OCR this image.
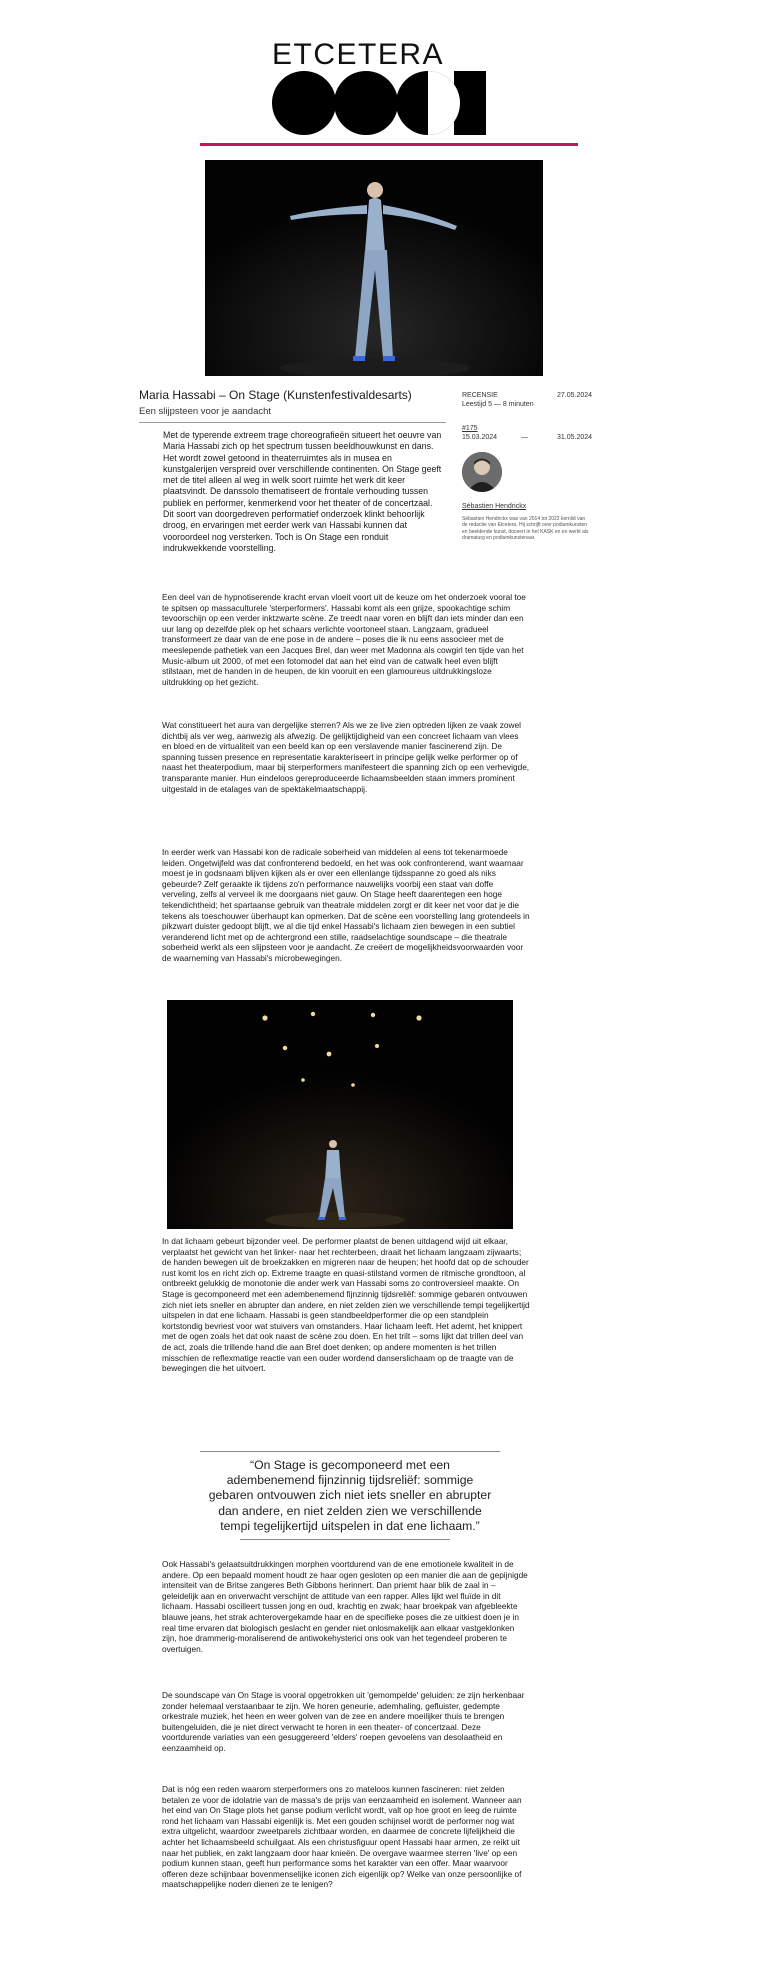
ETCETERA
Maria Hassabi – On Stage (Kunstenfestivaldesarts)
Een slijpsteen voor je aandacht
RECENSIE	27.05.2024
Leestijd 5 — 8 minuten
#175
15.03.2024	—	31.05.2024
Sébastien Hendrickx
Sébastien Hendrickx was van 2014 tot 2022 kernlid van de redactie van Etcetera. Hij schrijft over podiumkunsten en beeldende kunst, doceert in het KASK en en werkt als dramaturg en podiumkunstenaar.
Met de typerende extreem trage choreografieën situeert het oeuvre van Maria Hassabi zich op het spectrum tussen beeldhouwkunst en dans. Het wordt zowel getoond in theaterruimtes als in musea en kunstgalerijen verspreid over verschillende continenten. On Stage geeft met de titel alleen al weg in welk soort ruimte het werk dit keer plaatsvindt. De danssolo thematiseert de frontale verhouding tussen publiek en performer, kenmerkend voor het theater of de concertzaal. Dit soort van doorgedreven performatief onderzoek klinkt behoorlijk droog, en ervaringen met eerder werk van Hassabi kunnen dat vooroordeel nog versterken. Toch is On Stage een ronduit indrukwekkende voorstelling.
Een deel van de hypnotiserende kracht ervan vloeit voort uit de keuze om het onderzoek vooral toe te spitsen op massaculturele 'sterperformers'. Hassabi komt als een grijze, spookachtige schim tevoorschijn op een verder inktzwarte scène. Ze treedt naar voren en blijft dan iets minder dan een uur lang op dezelfde plek op het schaars verlichte voortoneel staan. Langzaam, gradueel transformeert ze daar van de ene pose in de andere – poses die ik nu eens associeer met de meeslepende pathetiek van een Jacques Brel, dan weer met Madonna als cowgirl ten tijde van het Music-album uit 2000, of met een fotomodel dat aan het eind van de catwalk heel even blijft stilstaan, met de handen in de heupen, de kin vooruit en een glamoureus uitdrukkingsloze uitdrukking op het gezicht.
Wat constitueert het aura van dergelijke sterren? Als we ze live zien optreden lijken ze vaak zowel dichtbij als ver weg, aanwezig als afwezig. De gelijktijdigheid van een concreet lichaam van vlees en bloed en de virtualiteit van een beeld kan op een verslavende manier fascinerend zijn. De spanning tussen presence en representatie karakteriseert in principe gelijk welke performer op of naast het theaterpodium, maar bij sterperformers manifesteert die spanning zich op een verhevigde, transparante manier. Hun eindeloos gereproduceerde lichaamsbeelden staan immers prominent uitgestald in de etalages van de spektakelmaatschappij.
In eerder werk van Hassabi kon de radicale soberheid van middelen al eens tot tekenarmoede leiden. Ongetwijfeld was dat confronterend bedoeld, en het was ook confronterend, want waarnaar moest je in godsnaam blijven kijken als er over een ellenlange tijdsspanne zo goed als niks gebeurde? Zelf geraakte ik tijdens zo'n performance nauwelijks voorbij een staat van doffe verveling, zelfs al verveel ik me doorgaans niet gauw. On Stage heeft daarentegen een hoge tekendichtheid; het spartaanse gebruik van theatrale middelen zorgt er dit keer net voor dat je die tekens als toeschouwer überhaupt kan opmerken. Dat de scène een voorstelling lang grotendeels in pikzwart duister gedoopt blijft, we al die tijd enkel Hassabi's lichaam zien bewegen in een subtiel veranderend licht met op de achtergrond een stille, raadselachtige soundscape – die theatrale soberheid werkt als een slijpsteen voor je aandacht. Ze creëert de mogelijkheidsvoorwaarden voor de waarneming van Hassabi's microbewegingen.
In dat lichaam gebeurt bijzonder veel. De performer plaatst de benen uitdagend wijd uit elkaar, verplaatst het gewicht van het linker- naar het rechterbeen, draait het lichaam langzaam zijwaarts; de handen bewegen uit de broekzakken en migreren naar de heupen; het hoofd dat op de schouder rust komt los en richt zich op. Extreme traagte en quasi-stilstand vormen de ritmische grondtoon, al ontbreekt gelukkig de monotonie die ander werk van Hassabi soms zo controversieel maakte. On Stage is gecomponeerd met een adembenemend fijnzinnig tijdsreliëf: sommige gebaren ontvouwen zich niet iets sneller en abrupter dan andere, en niet zelden zien we verschillende tempi tegelijkertijd uitspelen in dat ene lichaam. Hassabi is geen standbeeldperformer die op een standplein kortstondig bevriest voor wat stuivers van omstanders. Haar lichaam leeft. Het ademt, het knippert met de ogen zoals het dat ook naast de scène zou doen. En het trilt – soms lijkt dat trillen deel van de act, zoals die trillende hand die aan Brel doet denken; op andere momenten is het trillen misschien de reflexmatige reactie van een ouder wordend danserslichaam op de traagte van de bewegingen die het uitvoert.
“On Stage is gecomponeerd met een adembenemend fijnzinnig tijdsreliëf: sommige gebaren ontvouwen zich niet iets sneller en abrupter dan andere, en niet zelden zien we verschillende tempi tegelijkertijd uitspelen in dat ene lichaam.”
Ook Hassabi's gelaatsuitdrukkingen morphen voortdurend van de ene emotionele kwaliteit in de andere. Op een bepaald moment houdt ze haar ogen gesloten op een manier die aan de gepijnigde intensiteit van de Britse zangeres Beth Gibbons herinnert. Dan priemt haar blik de zaal in – geleidelijk aan en onverwacht verschijnt de attitude van een rapper. Alles lijkt wel fluïde in dit lichaam. Hassabi oscilleert tussen jong en oud, krachtig en zwak; haar broekpak van afgebleekte blauwe jeans, het strak achterovergekamde haar en de specifieke poses die ze uitkiest doen je in real time ervaren dat biologisch geslacht en gender niet onlosmakelijk aan elkaar vastgeklonken zijn, hoe drammerig-moraliserend de antiwokehysterici ons ook van het tegendeel proberen te overtuigen.
De soundscape van On Stage is vooral opgetrokken uit 'gemompelde' geluiden: ze zijn herkenbaar zonder helemaal verstaanbaar te zijn. We horen geneurie, ademhaling, gefluister, gedempte orkestrale muziek, het heen en weer golven van de zee en andere moeilijker thuis te brengen buitengeluiden, die je niet direct verwacht te horen in een theater- of concertzaal. Deze voortdurende variaties van een gesuggereerd 'elders' roepen gevoelens van desolaatheid en eenzaamheid op.
Dat is nóg een reden waarom sterperformers ons zo mateloos kunnen fascineren: niet zelden betalen ze voor de idolatrie van de massa's de prijs van eenzaamheid en isolement. Wanneer aan het eind van On Stage plots het ganse podium verlicht wordt, valt op hoe groot en leeg de ruimte rond het lichaam van Hassabi eigenlijk is. Met een gouden schijnsel wordt de performer nog wat extra uitgelicht, waardoor zweetparels zichtbaar worden, en daarmee de concrete lijfelijkheid die achter het lichaamsbeeld schuilgaat. Als een christusfiguur opent Hassabi haar armen, ze reikt uit naar het publiek, en zakt langzaam door haar knieën. De overgave waarmee sterren 'live' op een podium kunnen staan, geeft hun performance soms het karakter van een offer. Maar waarvoor offeren deze schijnbaar bovenmenselijke iconen zich eigenlijk op? Welke van onze persoonlijke of maatschappelijke noden dienen ze te lenigen?
